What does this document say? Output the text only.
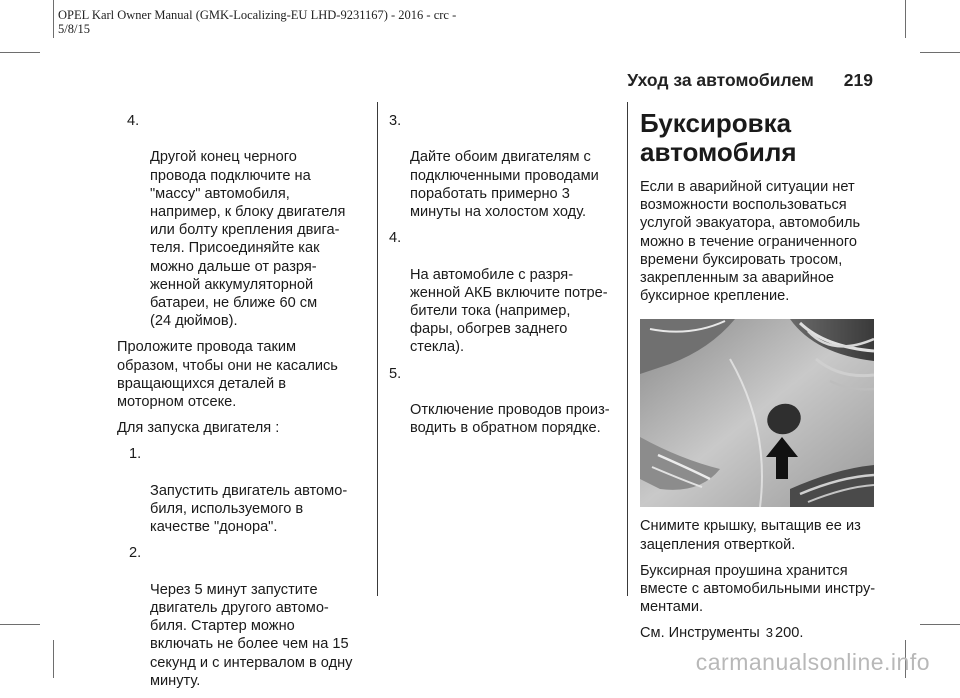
OPEL Karl Owner Manual (GMK-Localizing-EU LHD-9231167) - 2016 - crc -
5/8/15
Уход за автомобилем 219

4.

Другой конец черного
провода подключите на
"массу" автомобиля,
например, к блоку двигателя
или болту крепления двига-
теля. Присоединяйте как
можно дальше от разря-
женной аккумуляторной
батареи, не ближе 60 см
(24 дюймов).

Проложите провода таким
образом, чтобы они не касались
вращающихся деталей в
моторном отсеке.

Для запуска двигателя :

1.

Запустить двигатель автомо-
биля, используемого в
качестве "донора".

2.

Через 5 минут запустите
двигатель другого автомо-
биля. Стартер можно
включать не более чем на 15
секунд и с интервалом в одну
минуту.

3.

Дайте обоим двигателям с
подключенными проводами
поработать примерно 3
минуты на холостом ходу.

4.

На автомобиле с разря-
женной АКБ включите потре-
бители тока (например,
фары, обогрев заднего
стекла).

5.

Отключение проводов произ-
водить в обратном порядке.

Буксировка
автомобиля

Если в аварийной ситуации нет
возможности воспользоваться
услугой эвакуатора, автомобиль
можно в течение ограниченного
времени буксировать тросом,
закрепленным за аварийное
буксирное крепление.

Снимите крышку, вытащив ее из
зацепления отверткой.

Буксирная проушина хранится
вместе с автомобильными инстру-
ментами.

См. Инструменты 3 200.

carmanualsonline.info
